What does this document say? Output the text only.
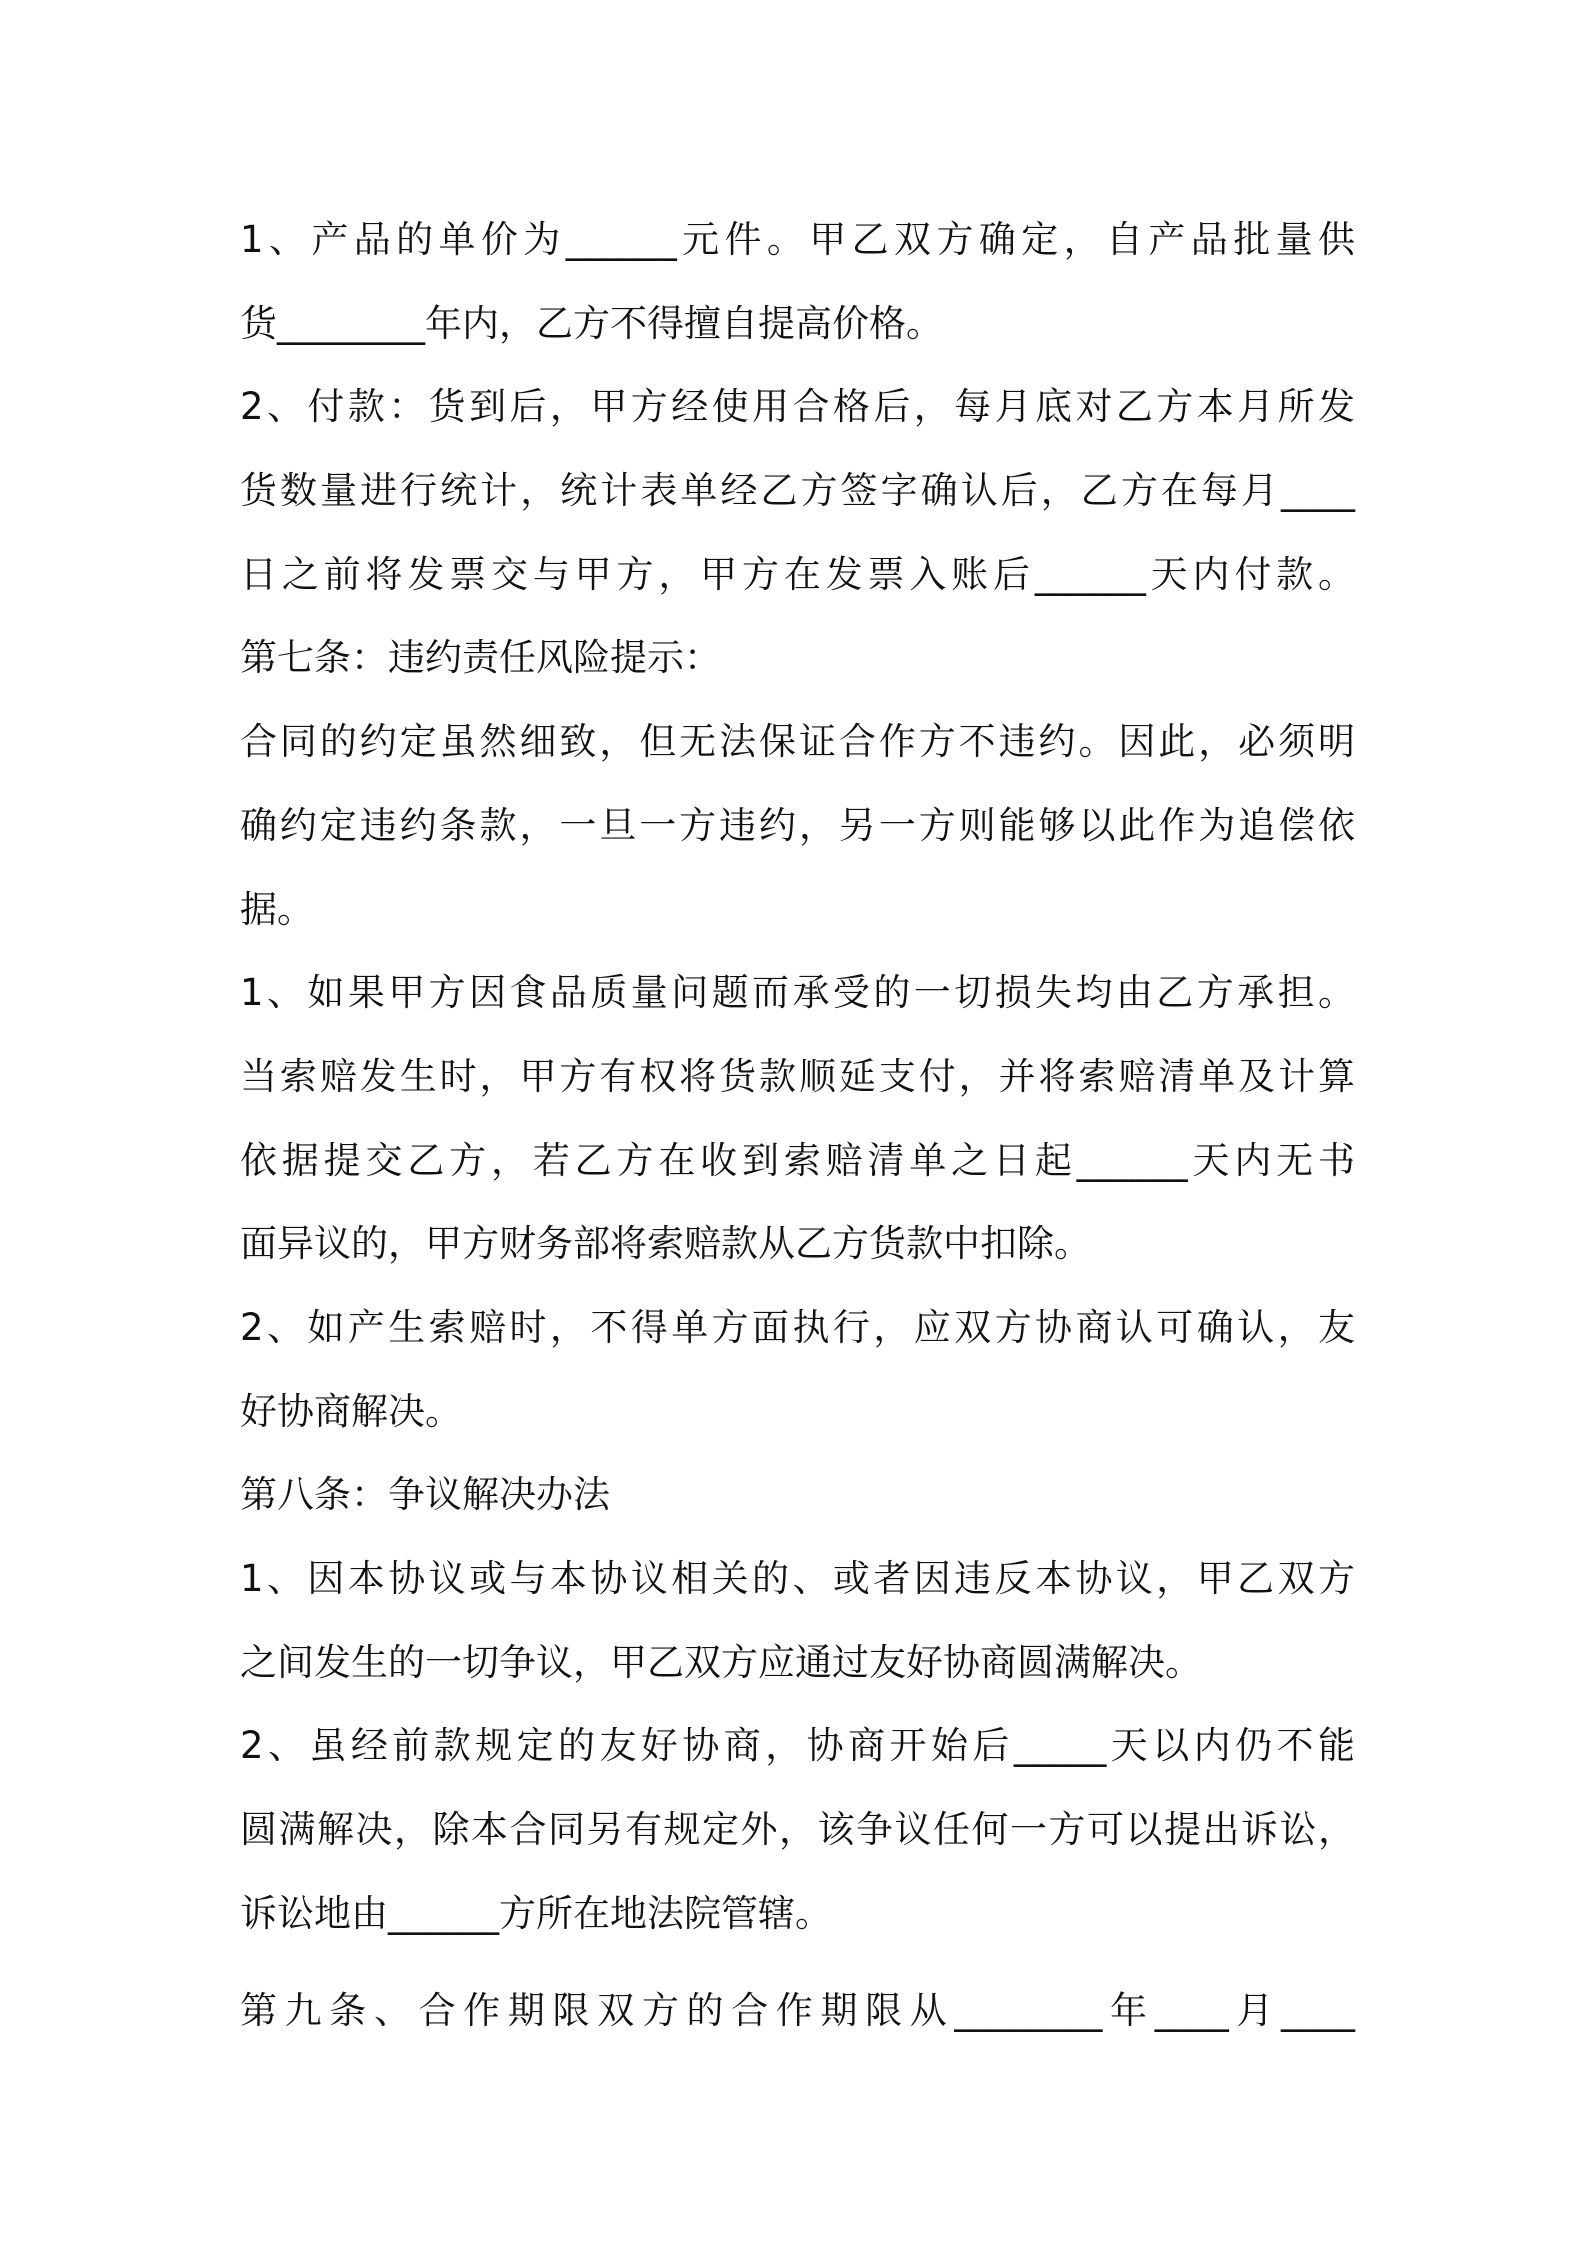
1、产品的单价为______元件。甲乙双方确定，自产品批量供
货________年内，乙方不得擅自提高价格。
2、付款：货到后，甲方经使用合格后，每月底对乙方本月所发
货数量进行统计，统计表单经乙方签字确认后，乙方在每月____
日之前将发票交与甲方，甲方在发票入账后______天内付款。
第七条：违约责任风险提示：
合同的约定虽然细致，但无法保证合作方不违约。因此，必须明
确约定违约条款，一旦一方违约，另一方则能够以此作为追偿依
据。
1、如果甲方因食品质量问题而承受的一切损失均由乙方承担。
当索赔发生时，甲方有权将货款顺延支付，并将索赔清单及计算
依据提交乙方，若乙方在收到索赔清单之日起______天内无书
面异议的，甲方财务部将索赔款从乙方货款中扣除。
2、如产生索赔时，不得单方面执行，应双方协商认可确认，友
好协商解决。
第八条：争议解决办法
1、因本协议或与本协议相关的、或者因违反本协议，甲乙双方
之间发生的一切争议，甲乙双方应通过友好协商圆满解决。
2、虽经前款规定的友好协商，协商开始后_____天以内仍不能
圆满解决，除本合同另有规定外，该争议任何一方可以提出诉讼，
诉讼地由______方所在地法院管辖。
第九条、合作期限双方的合作期限从________年____月____
